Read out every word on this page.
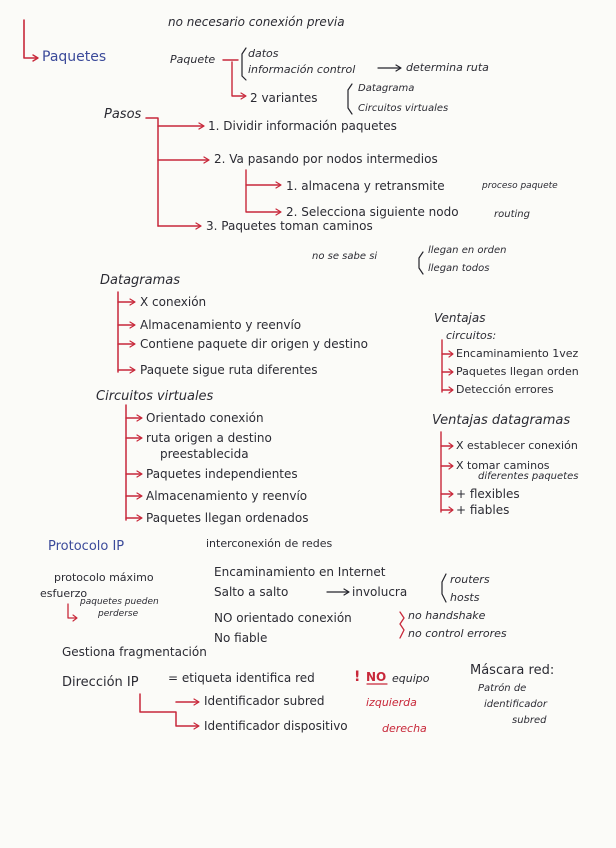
no necesario conexión previa
Paquetes	Paquete	datos
información control	determina ruta
2 variantes
Datagrama
Circuitos virtuales
Pasos
1. Dividir información paquetes
2. Va pasando por nodos intermedios
1. almacena y retransmite	proceso paquete
2. Selecciona siguiente nodo	routing
3. Paquetes toman caminos
no se sabe si
llegan en orden
llegan todos
Datagramas
X conexión
Almacenamiento y reenvío
Contiene paquete dir origen y destino
Paquete sigue ruta diferentes
Ventajas
circuitos:
Encaminamiento 1vez
Paquetes llegan orden
Detección errores
Circuitos virtuales
Orientado conexión
ruta origen a destino
preestablecida
Paquetes independientes
Almacenamiento y reenvío
Paquetes llegan ordenados
Ventajas datagramas
X establecer conexión
X tomar caminos
diferentes paquetes
+ flexibles
+ fiables
Protocolo IP	interconexión de redes
protocolo máximo
esfuerzo
paquetes pueden
perderse
Encaminamiento en Internet
Salto a salto	involucra
routers
hosts
NO orientado conexión
No fiable
no handshake
no control errores
Gestiona fragmentación
Dirección IP = etiqueta identifica red	! NO equipo
Identificador subred	izquierda
Identificador dispositivo	derecha
Máscara red:
Patrón de
identificador
subred
